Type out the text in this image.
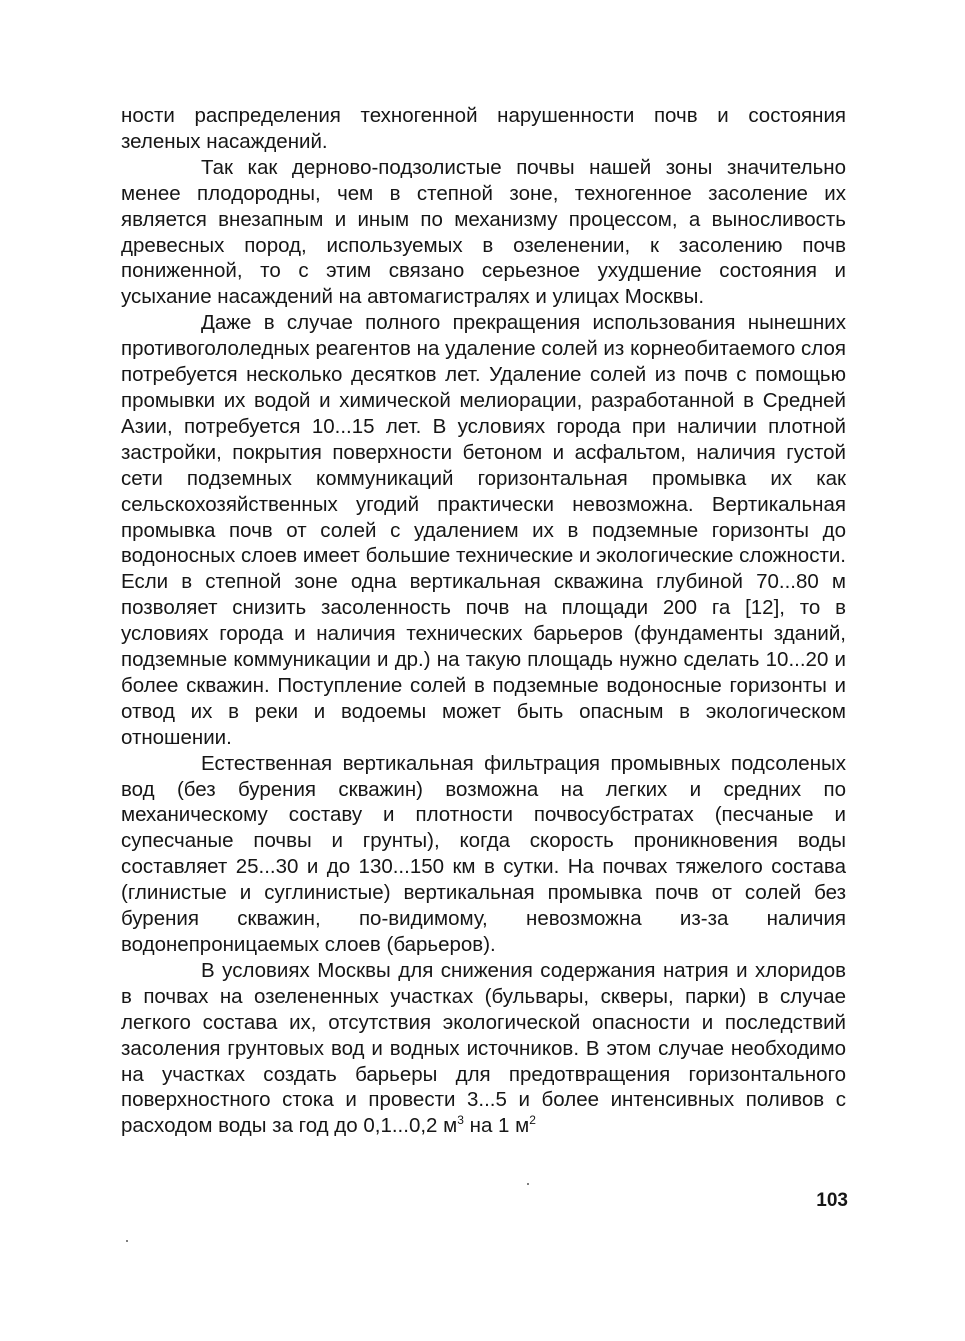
ности распределения техногенной нарушенности почв и состояния зеленых насаждений.

Так как дерново-подзолистые почвы нашей зоны значительно менее плодородны, чем в степной зоне, техногенное засоление их является внезапным и иным по механизму процессом, а выносливость древесных пород, используемых в озеленении, к засолению почв пониженной, то с этим связано серьезное ухудшение состояния и усыхание насаждений на автомагистралях и улицах Москвы.

Даже в случае полного прекращения использования нынешних противогололедных реагентов на удаление солей из корнеобитаемого слоя потребуется несколько десятков лет. Удаление солей из почв с помощью промывки их водой и химической мелиорации, разработанной в Средней Азии, потребуется 10...15 лет. В условиях города при наличии плотной застройки, покрытия поверхности бетоном и асфальтом, наличия густой сети подземных коммуникаций горизонтальная промывка их как сельскохозяйственных угодий практически невозможна. Вертикальная промывка почв от солей с удалением их в подземные горизонты до водоносных слоев имеет большие технические и экологические сложности. Если в степной зоне одна вертикальная скважина глубиной 70...80 м позволяет снизить засоленность почв на площади 200 га [12], то в условиях города и наличия технических барьеров (фундаменты зданий, подземные коммуникации и др.) на такую площадь нужно сделать 10...20 и более скважин. Поступление солей в подземные водоносные горизонты и отвод их в реки и водоемы может быть опасным в экологическом отношении.

Естественная вертикальная фильтрация промывных подсоленых вод (без бурения скважин) возможна на легких и средних по механическому составу и плотности почвосубстратах (песчаные и супесчаные почвы и грунты), когда скорость проникновения воды составляет 25...30 и до 130...150 км в сутки. На почвах тяжелого состава (глинистые и суглинистые) вертикальная промывка почв от солей без бурения скважин, по-видимому, невозможна из-за наличия водонепроницаемых слоев (барьеров).

В условиях Москвы для снижения содержания натрия и хлоридов в почвах на озелененных участках (бульвары, скверы, парки) в случае легкого состава их, отсутствия экологической опасности и последствий засоления грунтовых вод и водных источников. В этом случае необходимо на участках создать барьеры для предотвращения горизонтального поверхностного стока и провести 3...5 и более интенсивных поливов с расходом воды за год до 0,1...0,2 $м^3$ на 1 $м^2$

103
